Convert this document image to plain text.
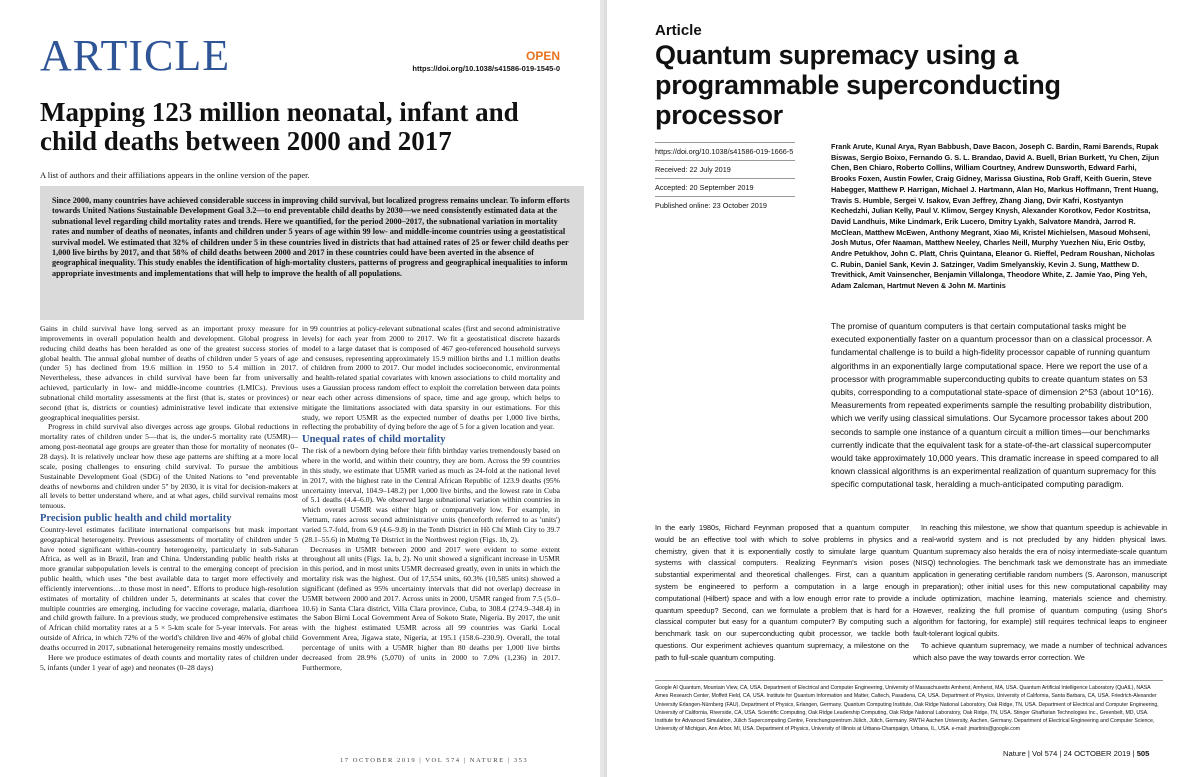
ARTICLE	OPEN
https://doi.org/10.1038/s41586-019-1545-0
Mapping 123 million neonatal, infant and child deaths between 2000 and 2017
A list of authors and their affiliations appears in the online version of the paper.
Since 2000, many countries have achieved considerable success in improving child survival, but localized progress remains unclear. To inform efforts towards United Nations Sustainable Development Goal 3.2—to end preventable child deaths by 2030—we need consistently estimated data at the subnational level regarding child mortality rates and trends. Here we quantified, for the period 2000–2017, the subnational variation in mortality rates and number of deaths of neonates, infants and children under 5 years of age within 99 low- and middle-income countries using a geostatistical survival model. We estimated that 32% of children under 5 in these countries lived in districts that had attained rates of 25 or fewer child deaths per 1,000 live births by 2017, and that 58% of child deaths between 2000 and 2017 in these countries could have been averted in the absence of geographical inequality. This study enables the identification of high-mortality clusters, patterns of progress and geographical inequalities to inform appropriate investments and implementations that will help to improve the health of all populations.

Gains in child survival have long served as an important proxy measure for improvements in overall population health and development. Global progress in reducing child deaths has been heralded as one of the greatest success stories of global health. The annual global number of deaths of children under 5 years of age (under 5) has declined from 19.6 million in 1950 to 5.4 million in 2017. Nevertheless, these advances in child survival have been far from universally achieved, particularly in low- and middle-income countries (LMICs). Previous subnational child mortality assessments at the first (that is, states or provinces) or second (that is, districts or counties) administrative level indicate that extensive geographical inequalities persist.

Progress in child survival also diverges across age groups. Global reductions in mortality rates of children under 5—that is, the under-5 mortality rate (U5MR)—among post-neonatal age groups are greater than those for mortality of neonates (0–28 days). It is relatively unclear how these age patterns are shifting at a more local scale, posing challenges to ensuring child survival. To pursue the ambitious Sustainable Development Goal (SDG) of the United Nations to "end preventable deaths of newborns and children under 5" by 2030, it is vital for decision-makers at all levels to better understand where, and at what ages, child survival remains most tenuous.

Precision public health and child mortality

Country-level estimates facilitate international comparisons but mask important geographical heterogeneity. Previous assessments of mortality of children under 5 have noted significant within-country heterogeneity, particularly in sub-Saharan Africa, as well as in Brazil, Iran and China. Understanding public health risks at more granular subpopulation levels is central to the emerging concept of precision public health, which uses "the best available data to target more effectively and efficiently interventions…to those most in need". Efforts to produce high-resolution estimates of mortality of children under 5, determinants at scales that cover the multiple countries are emerging, including for vaccine coverage, malaria, diarrhoea and child growth failure. In a previous study, we produced comprehensive estimates of African child mortality rates at a 5 × 5-km scale for 5-year intervals. For areas outside of Africa, in which 72% of the world's children live and 46% of global child deaths occurred in 2017, subnational heterogeneity remains mostly undescribed.

Here we produce estimates of death counts and mortality rates of children under 5, infants (under 1 year of age) and neonates (0–28 days)

in 99 countries at policy-relevant subnational scales (first and second administrative levels) for each year from 2000 to 2017. We fit a geostatistical discrete hazards model to a large dataset that is composed of 467 geo-referenced household surveys and censuses, representing approximately 15.9 million births and 1.1 million deaths of children from 2000 to 2017. Our model includes socioeconomic, environmental and health-related spatial covariates with known associations to child mortality and uses a Gaussian process random effect to exploit the correlation between data points near each other across dimensions of space, time and age group, which helps to mitigate the limitations associated with data sparsity in our estimations. For this study, we report U5MR as the expected number of deaths per 1,000 live births, reflecting the probability of dying before the age of 5 for a given location and year.

Unequal rates of child mortality

The risk of a newborn dying before their fifth birthday varies tremendously based on where in the world, and within their country, they are born. Across the 99 countries in this study, we estimate that U5MR varied as much as 24-fold at the national level in 2017, with the highest rate in the Central African Republic of 123.9 deaths (95% uncertainty interval, 104.9–148.2) per 1,000 live births, and the lowest rate in Cuba of 5.1 deaths (4.4–6.0). We observed large subnational variation within countries in which overall U5MR was either high or comparatively low. For example, in Vietnam, rates across second administrative units (henceforth referred to as 'units') varied 5.7-fold, from 6.9 (4.6–9.8) in the Tenth District in Hồ Chí Minh City to 39.7 (28.1–55.6) in Mường Tè District in the Northwest region (Figs. 1b, 2).

Decreases in U5MR between 2000 and 2017 were evident to some extent throughout all units (Figs. 1a, b, 2). No unit showed a significant increase in U5MR in this period, and in most units U5MR decreased greatly, even in units in which the mortality risk was the highest. Out of 17,554 units, 60.3% (10,585 units) showed a significant (defined as 95% uncertainty intervals that did not overlap) decrease in U5MR between 2000 and 2017. Across units in 2000, U5MR ranged from 7.5 (5.0–10.6) in Santa Clara district, Villa Clara province, Cuba, to 308.4 (274.9–348.4) in the Sabon Birni Local Government Area of Sokoto State, Nigeria. By 2017, the unit with the highest estimated U5MR across all 99 countries was Garki Local Government Area, Jigawa state, Nigeria, at 195.1 (158.6–230.9). Overall, the total percentage of units with a U5MR higher than 80 deaths per 1,000 live births decreased from 28.9% (5,070) of units in 2000 to 7.0% (1,236) in 2017. Furthermore,

17 OCTOBER 2019 | VOL 574 | NATURE | 353
Article
Quantum supremacy using a programmable superconducting processor
https://doi.org/10.1038/s41586-019-1666-5
Received: 22 July 2019
Accepted: 20 September 2019
Published online: 23 October 2019
Frank Arute, Kunal Arya, Ryan Babbush, Dave Bacon, Joseph C. Bardin, Rami Barends, Rupak Biswas, Sergio Boixo, Fernando G. S. L. Brandao, David A. Buell, Brian Burkett, Yu Chen, Zijun Chen, Ben Chiaro, Roberto Collins, William Courtney, Andrew Dunsworth, Edward Farhi, Brooks Foxen, Austin Fowler, Craig Gidney, Marissa Giustina, Rob Graff, Keith Guerin, Steve Habegger, Matthew P. Harrigan, Michael J. Hartmann, Alan Ho, Markus Hoffmann, Trent Huang, Travis S. Humble, Sergei V. Isakov, Evan Jeffrey, Zhang Jiang, Dvir Kafri, Kostyantyn Kechedzhi, Julian Kelly, Paul V. Klimov, Sergey Knysh, Alexander Korotkov, Fedor Kostritsa, David Landhuis, Mike Lindmark, Erik Lucero, Dmitry Lyakh, Salvatore Mandrà, Jarrod R. McClean, Matthew McEwen, Anthony Megrant, Xiao Mi, Kristel Michielsen, Masoud Mohseni, Josh Mutus, Ofer Naaman, Matthew Neeley, Charles Neill, Murphy Yuezhen Niu, Eric Ostby, Andre Petukhov, John C. Platt, Chris Quintana, Eleanor G. Rieffel, Pedram Roushan, Nicholas C. Rubin, Daniel Sank, Kevin J. Satzinger, Vadim Smelyanskiy, Kevin J. Sung, Matthew D. Trevithick, Amit Vainsencher, Benjamin Villalonga, Theodore White, Z. Jamie Yao, Ping Yeh, Adam Zalcman, Hartmut Neven & John M. Martinis
The promise of quantum computers is that certain computational tasks might be executed exponentially faster on a quantum processor than on a classical processor. A fundamental challenge is to build a high-fidelity processor capable of running quantum algorithms in an exponentially large computational space. Here we report the use of a processor with programmable superconducting qubits to create quantum states on 53 qubits, corresponding to a computational state-space of dimension 2^53 (about 10^16). Measurements from repeated experiments sample the resulting probability distribution, which we verify using classical simulations. Our Sycamore processor takes about 200 seconds to sample one instance of a quantum circuit a million times—our benchmarks currently indicate that the equivalent task for a state-of-the-art classical supercomputer would take approximately 10,000 years. This dramatic increase in speed compared to all known classical algorithms is an experimental realization of quantum supremacy for this specific computational task, heralding a much-anticipated computing paradigm.

In the early 1980s, Richard Feynman proposed that a quantum computer would be an effective tool with which to solve problems in physics and chemistry, given that it is exponentially costly to simulate large quantum systems with classical computers. Realizing Feynman's vision poses substantial experimental and theoretical challenges. First, can a quantum system be engineered to perform a computation in a large enough computational (Hilbert) space and with a low enough error rate to provide a quantum speedup? Second, can we formulate a problem that is hard for a classical computer but easy for a quantum computer? By computing such a benchmark task on our superconducting qubit processor, we tackle both questions. Our experiment achieves quantum supremacy, a milestone on the path to full-scale quantum computing.

In reaching this milestone, we show that quantum speedup is achievable in a real-world system and is not precluded by any hidden physical laws. Quantum supremacy also heralds the era of noisy intermediate-scale quantum (NISQ) technologies. The benchmark task we demonstrate has an immediate application in generating certifiable random numbers (S. Aaronson, manuscript in preparation); other initial uses for this new computational capability may include optimization, machine learning, materials science and chemistry. However, realizing the full promise of quantum computing (using Shor's algorithm for factoring, for example) still requires technical leaps to engineer fault-tolerant logical qubits.

To achieve quantum supremacy, we made a number of technical advances which also pave the way towards error correction. We

Google AI Quantum, Mountain View, CA, USA. Department of Electrical and Computer Engineering, University of Massachusetts Amherst, Amherst, MA, USA. Quantum Artificial Intelligence Laboratory (QuAIL), NASA Ames Research Center, Moffett Field, CA, USA. Institute for Quantum Information and Matter, Caltech, Pasadena, CA, USA. Department of Physics, University of California, Santa Barbara, CA, USA. Friedrich-Alexander University Erlangen-Nürnberg (FAU), Department of Physics, Erlangen, Germany. Quantum Computing Institute, Oak Ridge National Laboratory, Oak Ridge, TN, USA. Department of Electrical and Computer Engineering, University of California, Riverside, CA, USA. Scientific Computing, Oak Ridge Leadership Computing, Oak Ridge National Laboratory, Oak Ridge, TN, USA. Stinger Ghaffarian Technologies Inc., Greenbelt, MD, USA. Institute for Advanced Simulation, Jülich Supercomputing Centre, Forschungszentrum Jülich, Jülich, Germany. RWTH Aachen University, Aachen, Germany. Department of Electrical Engineering and Computer Science, University of Michigan, Ann Arbor, MI, USA. Department of Physics, University of Illinois at Urbana-Champaign, Urbana, IL, USA. e-mail: jmartinis@google.com
Nature | Vol 574 | 24 OCTOBER 2019 | 505
